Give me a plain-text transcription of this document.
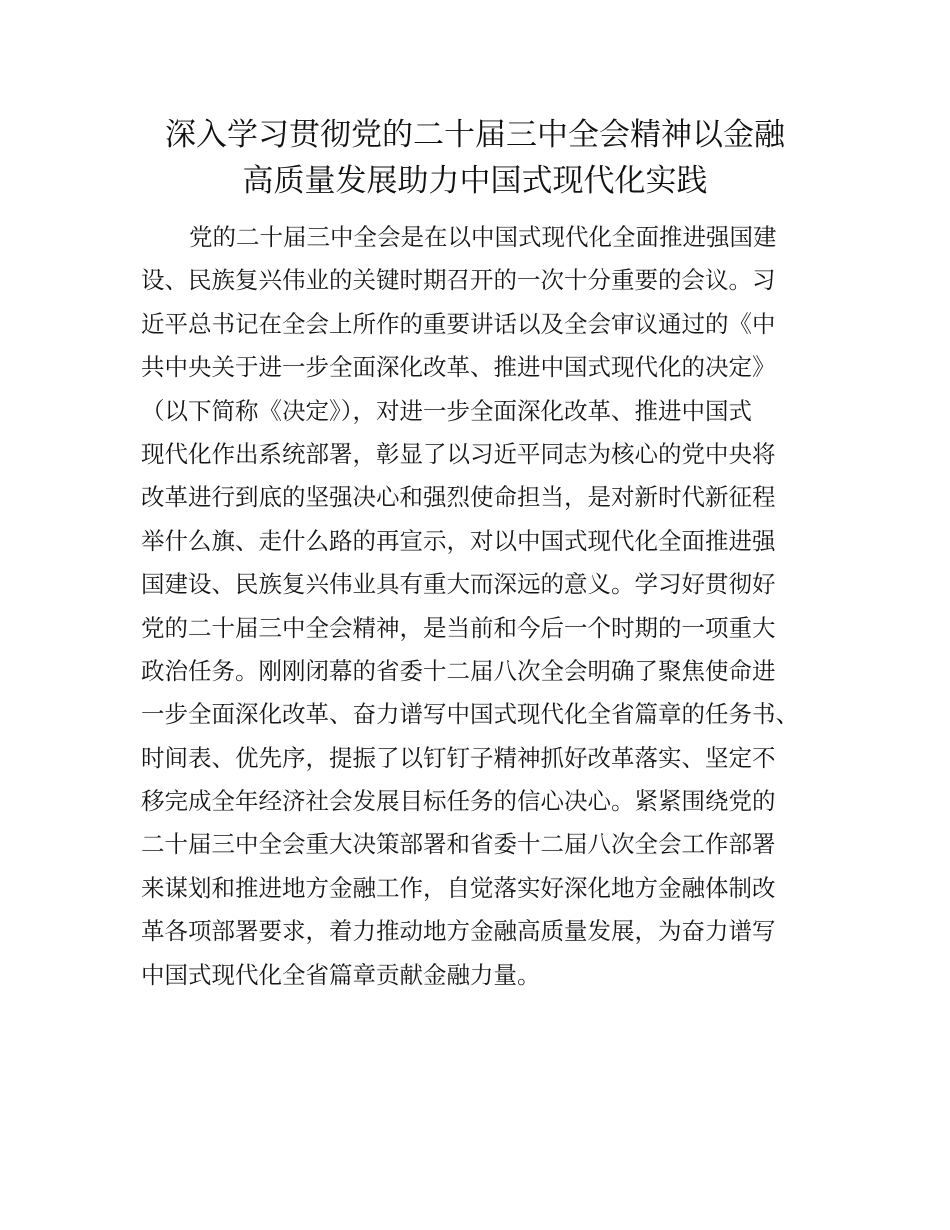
深入学习贯彻党的二十届三中全会精神以金融
高质量发展助力中国式现代化实践
党的二十届三中全会是在以中国式现代化全面推进强国建
设、民族复兴伟业的关键时期召开的一次十分重要的会议。习
近平总书记在全会上所作的重要讲话以及全会审议通过的《中
共中央关于进一步全面深化改革、推进中国式现代化的决定》
（以下简称《决定》），对进一步全面深化改革、推进中国式
现代化作出系统部署，彰显了以习近平同志为核心的党中央将
改革进行到底的坚强决心和强烈使命担当，是对新时代新征程
举什么旗、走什么路的再宣示，对以中国式现代化全面推进强
国建设、民族复兴伟业具有重大而深远的意义。学习好贯彻好
党的二十届三中全会精神，是当前和今后一个时期的一项重大
政治任务。刚刚闭幕的省委十二届八次全会明确了聚焦使命进
一步全面深化改革、奋力谱写中国式现代化全省篇章的任务书、
时间表、优先序，提振了以钉钉子精神抓好改革落实、坚定不
移完成全年经济社会发展目标任务的信心决心。紧紧围绕党的
二十届三中全会重大决策部署和省委十二届八次全会工作部署
来谋划和推进地方金融工作，自觉落实好深化地方金融体制改
革各项部署要求，着力推动地方金融高质量发展，为奋力谱写
中国式现代化全省篇章贡献金融力量。
